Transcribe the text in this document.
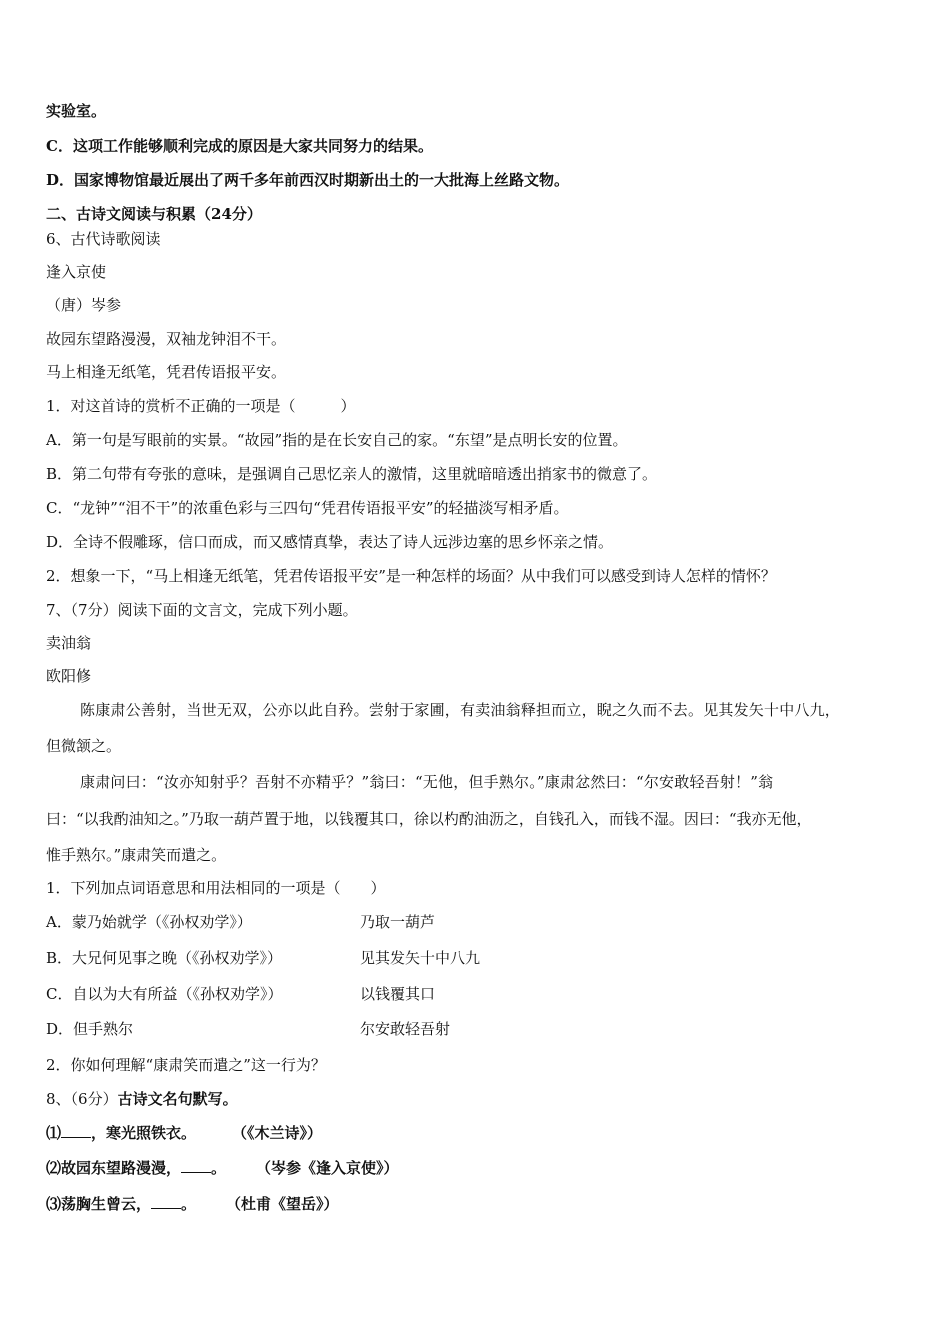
实验室。
C．这项工作能够顺利完成的原因是大家共同努力的结果。
D．国家博物馆最近展出了两千多年前西汉时期新出土的一大批海上丝路文物。
二、古诗文阅读与积累（24分）
6、古代诗歌阅读
逢入京使
（唐）岑参
故园东望路漫漫，双袖龙钟泪不干。
马上相逢无纸笔，凭君传语报平安。
1．对这首诗的赏析不正确的一项是（　　　）
A．第一句是写眼前的实景。“故园”指的是在长安自己的家。“东望”是点明长安的位置。
B．第二句带有夸张的意味，是强调自己思忆亲人的激情，这里就暗暗透出捎家书的微意了。
C．“龙钟”“泪不干”的浓重色彩与三四句“凭君传语报平安”的轻描淡写相矛盾。
D．全诗不假雕琢，信口而成，而又感情真挚，表达了诗人远涉边塞的思乡怀亲之情。
2．想象一下，“马上相逢无纸笔，凭君传语报平安”是一种怎样的场面？从中我们可以感受到诗人怎样的情怀？
7、（7分）阅读下面的文言文，完成下列小题。
卖油翁
欧阳修
陈康肃公善射，当世无双，公亦以此自矜。尝射于家圃，有卖油翁释担而立，睨之久而不去。见其发矢十中八九，
但微颔之。
康肃问曰：“汝亦知射乎？吾射不亦精乎？”翁曰：“无他，但手熟尔。”康肃忿然曰：“尔安敢轻吾射！”翁
曰：“以我酌油知之。”乃取一葫芦置于地，以钱覆其口，徐以杓酌油沥之，自钱孔入，而钱不湿。因曰：“我亦无他，
惟手熟尔。”康肃笑而遣之。
1．下列加点词语意思和用法相同的一项是（　　）
A．蒙乃始就学（《孙权劝学》）	乃取一葫芦
B．大兄何见事之晚（《孙权劝学》）	见其发矢十中八九
C．自以为大有所益（《孙权劝学》）	以钱覆其口
D．但手熟尔	尔安敢轻吾射
2．你如何理解“康肃笑而遣之”这一行为？
8、（6分）古诗文名句默写。
⑴ ，寒光照铁衣。 （《木兰诗》）
⑵故园东望路漫漫， 。 （岑参《逢入京使》）
⑶荡胸生曾云， 。 （杜甫《望岳》）
